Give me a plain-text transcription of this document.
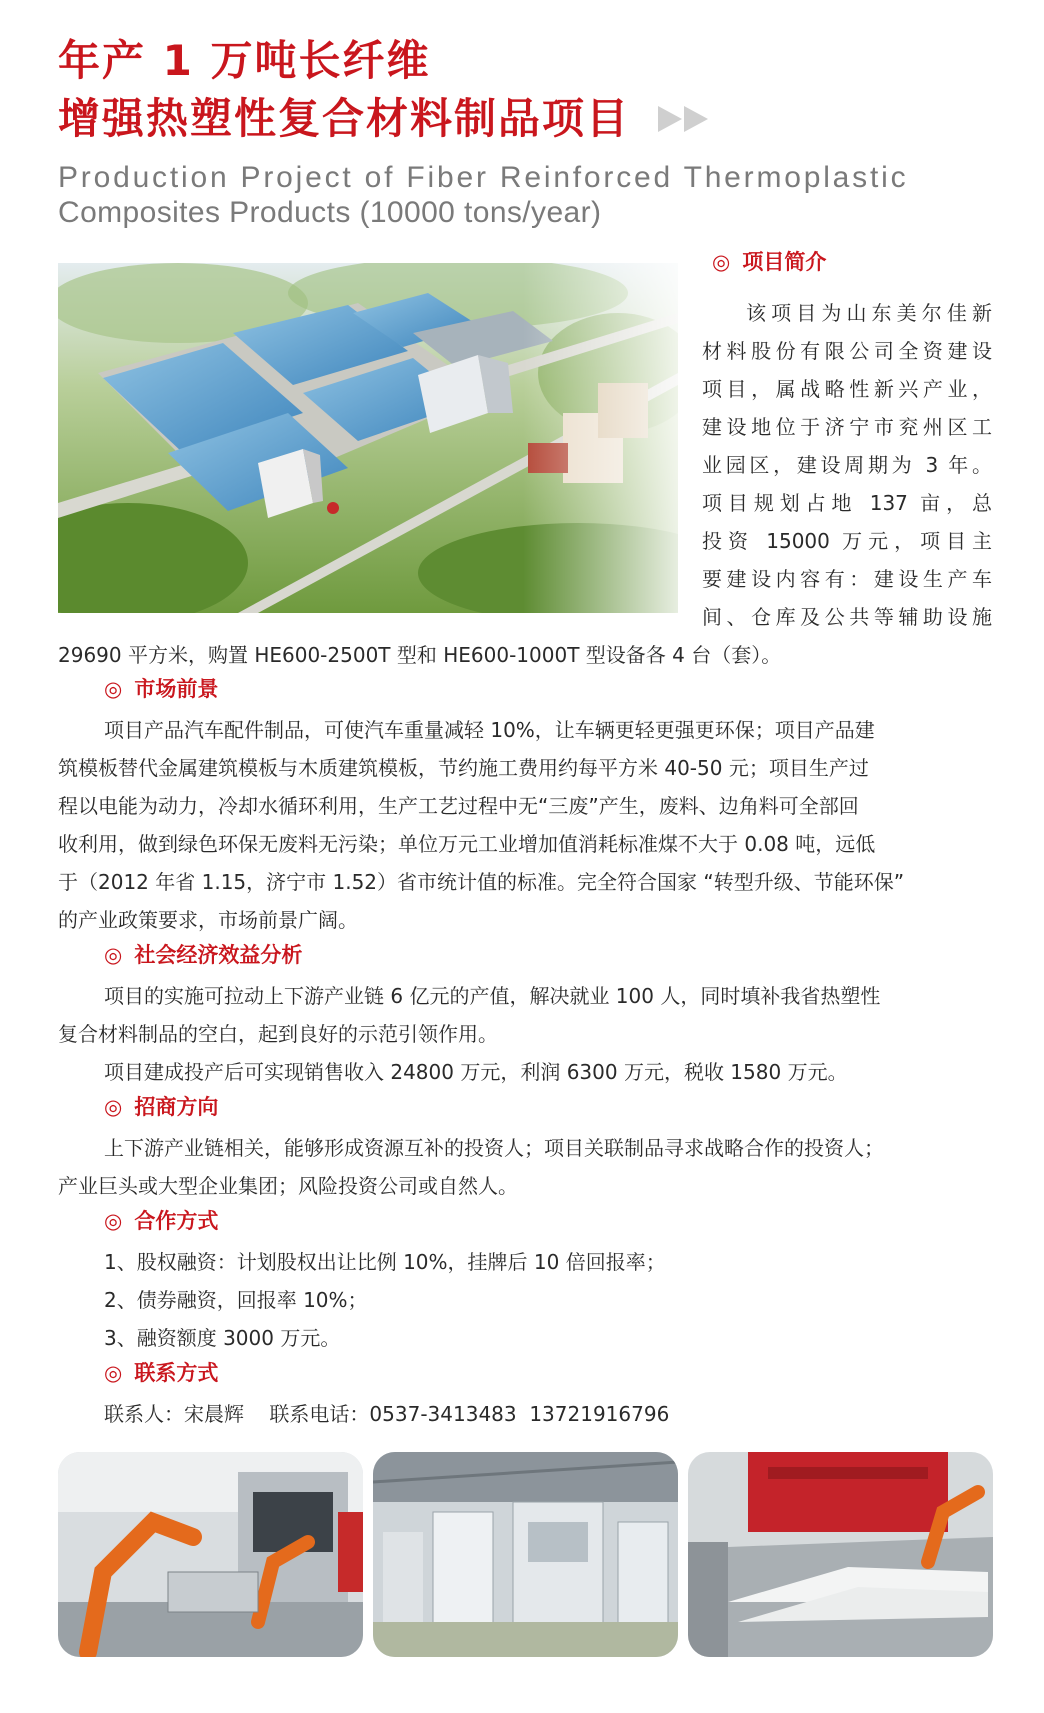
年产 1 万吨长纤维
增强热塑性复合材料制品项目

Production Project of Fiber Reinforced Thermoplastic

Composites Products (10000 tons/year)

◎ 项目简介
该项目为山东美尔佳新
材料股份有限公司全资建设
项目，属战略性新兴产业，
建设地位于济宁市兖州区工
业园区，建设周期为 3 年。
项目规划占地 137 亩，总
投资 15000 万元，项目主
要建设内容有：建设生产车
间、仓库及公共等辅助设施

29690 平方米，购置 HE600-2500T 型和 HE600-1000T 型设备各 4 台（套）。

◎ 市场前景

项目产品汽车配件制品，可使汽车重量减轻 10%，让车辆更轻更强更环保；项目产品建

筑模板替代金属建筑模板与木质建筑模板，节约施工费用约每平方米 40-50 元；项目生产过

程以电能为动力，冷却水循环利用，生产工艺过程中无“三废”产生，废料、边角料可全部回

收利用，做到绿色环保无废料无污染；单位万元工业增加值消耗标准煤不大于 0.08 吨，远低

于（2012 年省 1.15，济宁市 1.52）省市统计值的标准。完全符合国家 “转型升级、节能环保”

的产业政策要求，市场前景广阔。

◎ 社会经济效益分析

项目的实施可拉动上下游产业链 6 亿元的产值，解决就业 100 人，同时填补我省热塑性

复合材料制品的空白，起到良好的示范引领作用。

项目建成投产后可实现销售收入 24800 万元，利润 6300 万元，税收 1580 万元。

◎ 招商方向

上下游产业链相关，能够形成资源互补的投资人；项目关联制品寻求战略合作的投资人；

产业巨头或大型企业集团；风险投资公司或自然人。

◎ 合作方式

1、股权融资：计划股权出让比例 10%，挂牌后 10 倍回报率；

2、债券融资，回报率 10%；

3、融资额度 3000 万元。

◎ 联系方式

联系人：宋晨辉    联系电话：0537-3413483  13721916796
